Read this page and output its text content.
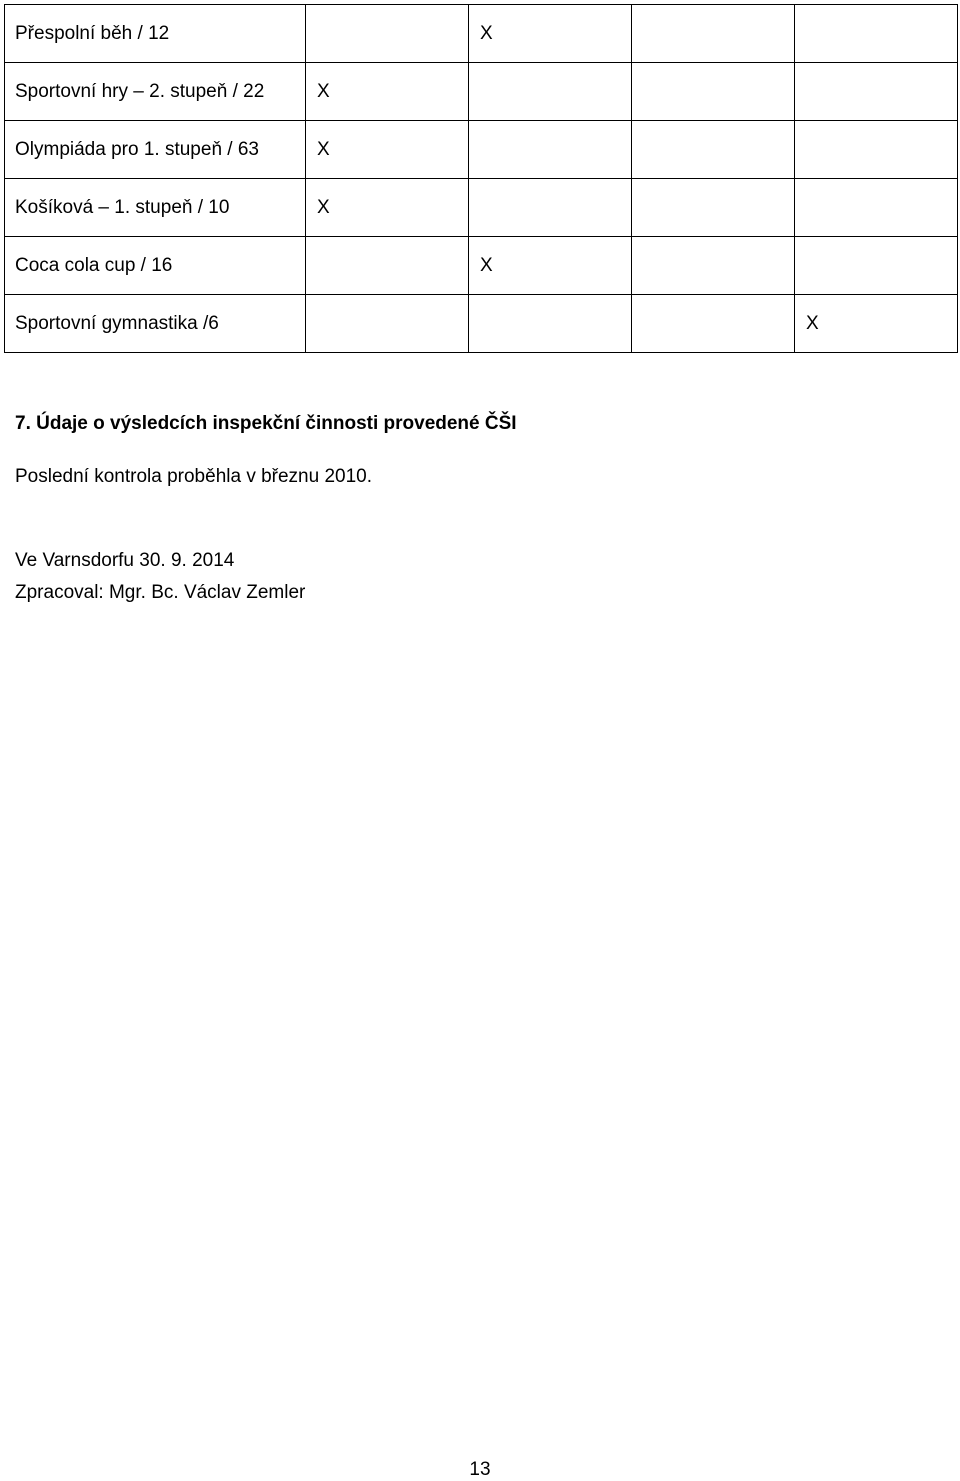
Přespolní běh / 12		X		
Sportovní hry – 2. stupeň / 22	X			
Olympiáda pro 1. stupeň / 63	X			
Košíková – 1. stupeň / 10	X			
Coca cola cup / 16		X		
Sportovní gymnastika /6				X
7. Údaje o výsledcích inspekční činnosti provedené ČŠI

Poslední kontrola proběhla v březnu 2010.

Ve Varnsdorfu 30. 9. 2014

Zpracoval: Mgr. Bc. Václav Zemler

13
